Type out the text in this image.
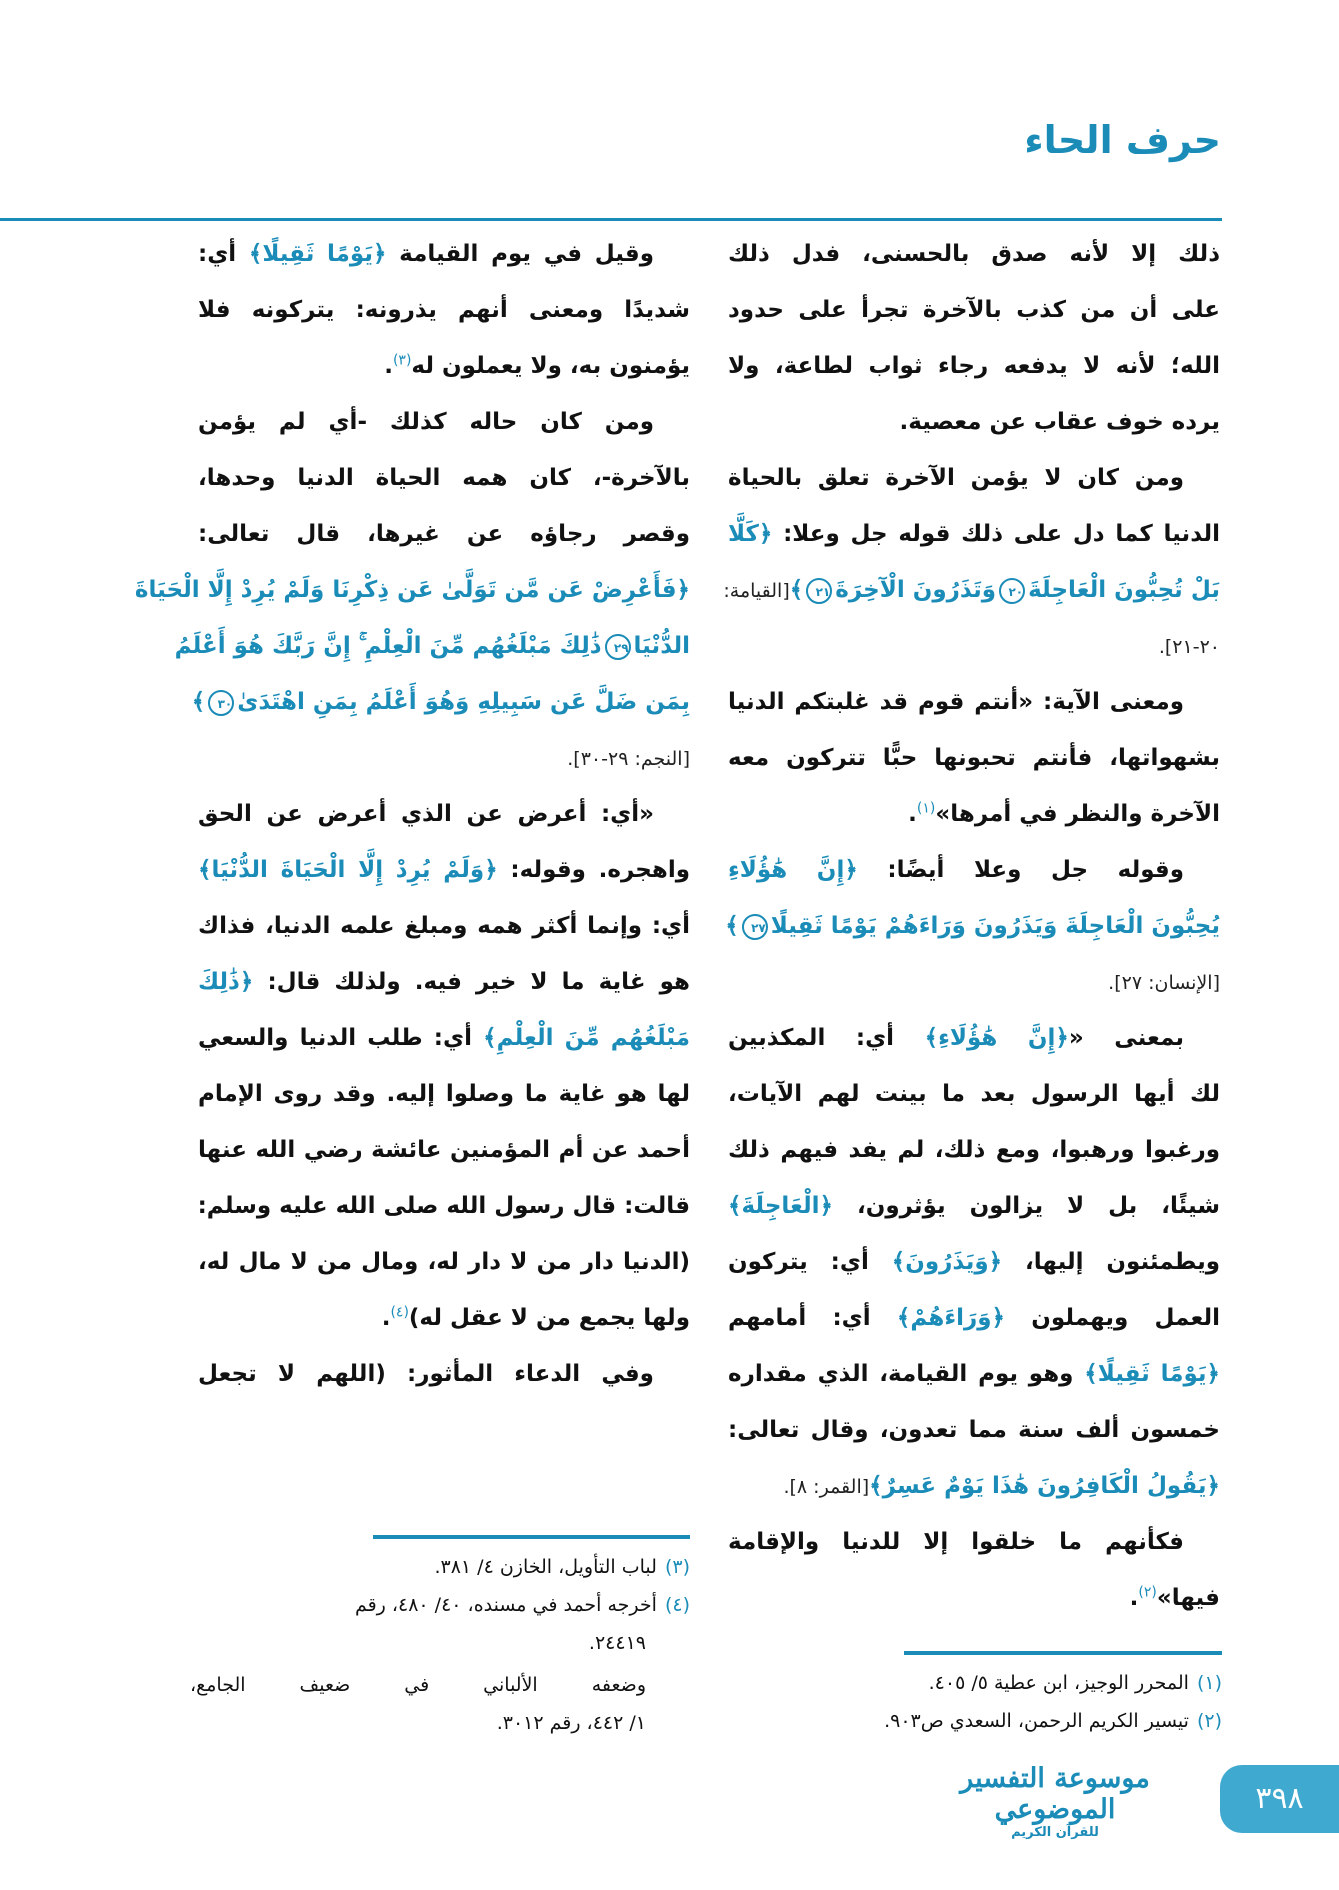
حرف الحاء
ذلك إلا لأنه صدق بالحسنى، فدل ذلك
على أن من كذب بالآخرة تجرأ على حدود
الله؛ لأنه لا يدفعه رجاء ثواب لطاعة، ولا
يرده خوف عقاب عن معصية.
ومن كان لا يؤمن الآخرة تعلق بالحياة
الدنيا كما دل على ذلك قوله جل وعلا: ﴿كَلَّا
بَلْ تُحِبُّونَ الْعَاجِلَةَ٢٠وَتَذَرُونَ الْآخِرَةَ٢١﴾[القيامة:
٢٠-٢١].
ومعنى الآية: «أنتم قوم قد غلبتكم الدنيا
بشهواتها، فأنتم تحبونها حبًّا تتركون معه
الآخرة والنظر في أمرها»$^{(١)}$.
وقوله جل وعلا أيضًا: ﴿إِنَّ هَٰؤُلَاءِ
يُحِبُّونَ الْعَاجِلَةَ وَيَذَرُونَ وَرَاءَهُمْ يَوْمًا ثَقِيلًا٢٧﴾
[الإنسان: ٢٧].
بمعنى «﴿إِنَّ هَٰؤُلَاءِ﴾ أي: المكذبين
لك أيها الرسول بعد ما بينت لهم الآيات،
ورغبوا ورهبوا، ومع ذلك، لم يفد فيهم ذلك
شيئًا، بل لا يزالون يؤثرون، ﴿الْعَاجِلَةَ﴾
ويطمئنون إليها، ﴿وَيَذَرُونَ﴾ أي: يتركون
العمل ويهملون ﴿وَرَاءَهُمْ﴾ أي: أمامهم
﴿يَوْمًا ثَقِيلًا﴾ وهو يوم القيامة، الذي مقداره
خمسون ألف سنة مما تعدون، وقال تعالى:
﴿يَقُولُ الْكَافِرُونَ هَٰذَا يَوْمٌ عَسِرٌ﴾[القمر: ٨].
فكأنهم ما خلقوا إلا للدنيا والإقامة
فيها»$^{(٢)}$.
وقيل في يوم القيامة ﴿يَوْمًا ثَقِيلًا﴾ أي:
شديدًا ومعنى أنهم يذرونه: يتركونه فلا
يؤمنون به، ولا يعملون له$^{(٣)}$.
ومن كان حاله كذلك -أي لم يؤمن
بالآخرة-، كان همه الحياة الدنيا وحدها،
وقصر رجاؤه عن غيرها، قال تعالى:
﴿فَأَعْرِضْ عَن مَّن تَوَلَّىٰ عَن ذِكْرِنَا وَلَمْ يُرِدْ إِلَّا الْحَيَاةَ
الدُّنْيَا٢٩ذَٰلِكَ مَبْلَغُهُم مِّنَ الْعِلْمِ ۚ إِنَّ رَبَّكَ هُوَ أَعْلَمُ
بِمَن ضَلَّ عَن سَبِيلِهِ وَهُوَ أَعْلَمُ بِمَنِ اهْتَدَىٰ٣٠﴾
[النجم: ٢٩-٣٠].
«أي: أعرض عن الذي أعرض عن الحق
واهجره. وقوله: ﴿وَلَمْ يُرِدْ إِلَّا الْحَيَاةَ الدُّنْيَا﴾
أي: وإنما أكثر همه ومبلغ علمه الدنيا، فذاك
هو غاية ما لا خير فيه. ولذلك قال: ﴿ذَٰلِكَ
مَبْلَغُهُم مِّنَ الْعِلْمِ﴾ أي: طلب الدنيا والسعي
لها هو غاية ما وصلوا إليه. وقد روى الإمام
أحمد عن أم المؤمنين عائشة رضي الله عنها
قالت: قال رسول الله صلى الله عليه وسلم:
(الدنيا دار من لا دار له، ومال من لا مال له،
ولها يجمع من لا عقل له)$^{(٤)}$.
وفي الدعاء المأثور: (اللهم لا تجعل
(١)المحرر الوجيز، ابن عطية ٥/ ٤٠٥.
(٢)تيسير الكريم الرحمن، السعدي ص٩٠٣.
(٣)لباب التأويل، الخازن ٤/ ٣٨١.
(٤)أخرجه أحمد في مسنده، ٤٠/ ٤٨٠، رقم
٢٤٤١٩.
وضعفه الألباني في ضعيف الجامع،
١/ ٤٤٢، رقم ٣٠١٢.
موسوعة التفسير الموضوعي
للقرآن الكريم
٣٩٨
